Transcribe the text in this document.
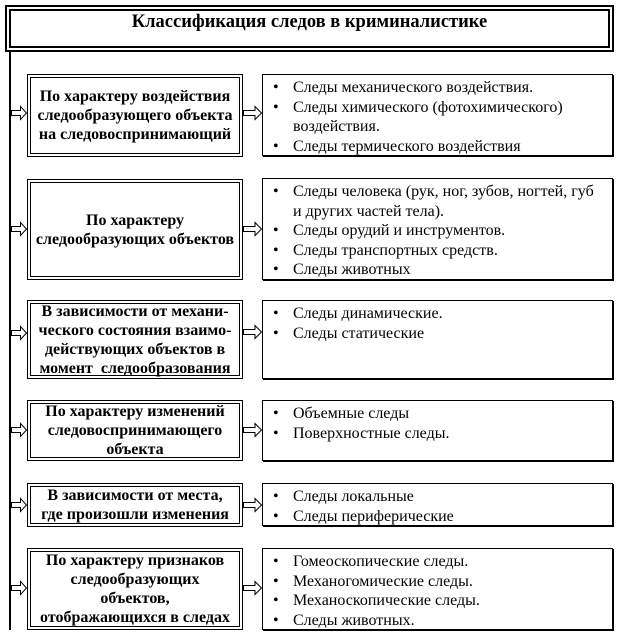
Классификация следов в криминалистике
По характеру воздействия
следообразующего объекта
на следовоспринимающий
•
Следы механического воздействия.
•
Следы химического (фотохимического)
воздействия.
•
Следы термического воздействия
По характеру
следообразующих объектов
•
Следы человека (рук, ног, зубов, ногтей, губ
и других частей тела).
•
Следы орудий и инструментов.
•
Следы транспортных средств.
•
Следы животных
В зависимости от механи-
ческого состояния взаимо-
действующих объектов в
момент  следообразования
•
Следы динамические.
•
Следы статические
По характеру изменений
следовоспринимающего
объекта
•
Объемные следы
•
Поверхностные следы.
В зависимости от места,
где произошли изменения
•
Следы локальные
•
Следы периферические
По характеру признаков
следообразующих
объектов,
отображающихся в следах
•
Гомеоскопические следы.
•
Механогомические следы.
•
Механоскопические следы.
•
Следы животных.
